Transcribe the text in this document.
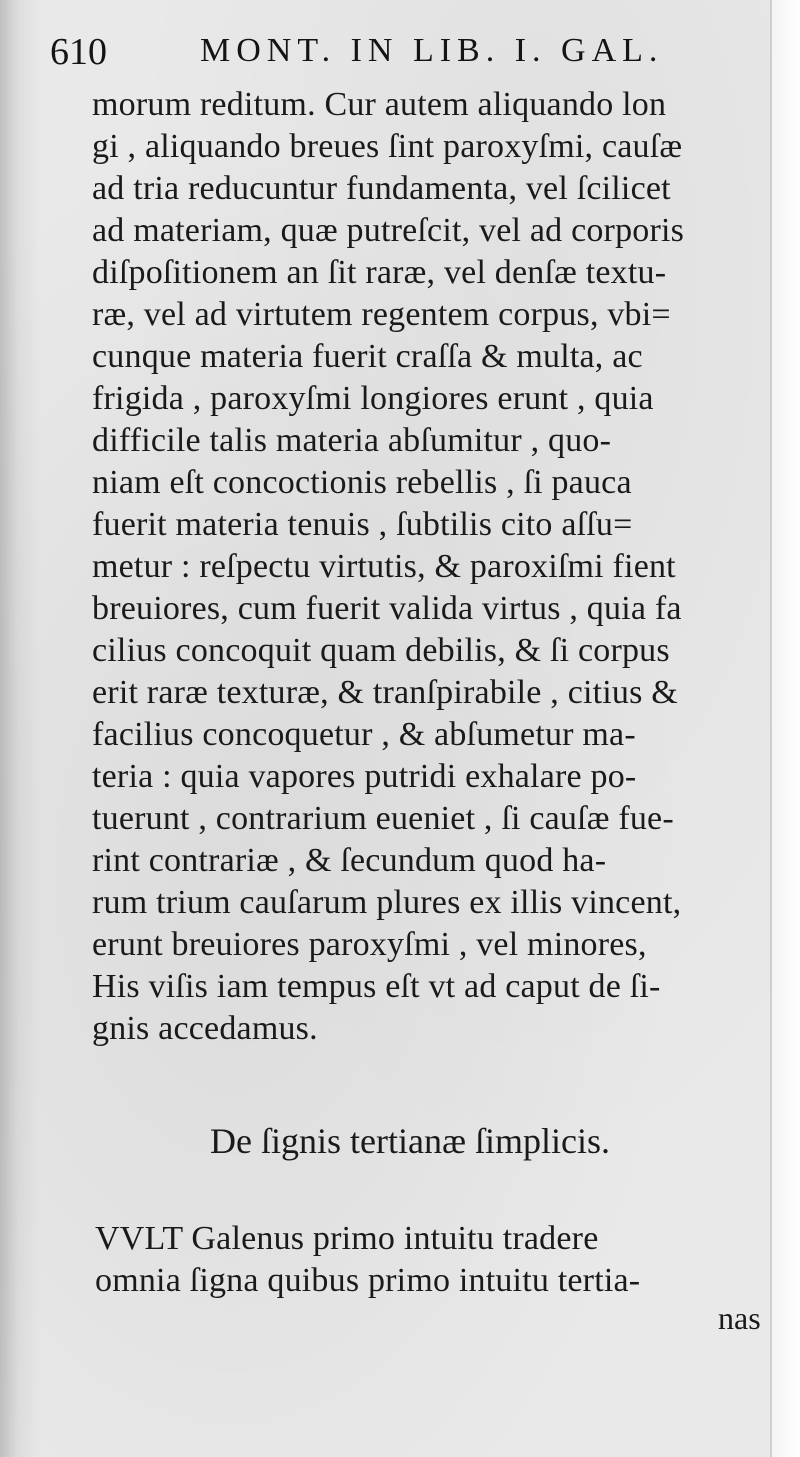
610	MONT. IN LIB. I. GAL.
morum reditum. Cur autem aliquando lon
gi , aliquando breues ſint paroxyſmi, cauſæ
ad tria reducuntur fundamenta, vel ſcilicet
ad materiam, quæ putreſcit, vel ad corporis
diſpoſitionem an ſit raræ, vel denſæ textu-
ræ, vel ad virtutem regentem corpus, vbi=
cunque materia fuerit craſſa & multa, ac
frigida , paroxyſmi longiores erunt , quia
difficile talis materia abſumitur , quo-
niam eſt concoctionis rebellis , ſi pauca
fuerit materia tenuis , ſubtilis cito aſſu=
metur : reſpectu virtutis, & paroxiſmi fient
breuiores, cum fuerit valida virtus , quia fa
cilius concoquit quam debilis, & ſi corpus
erit raræ texturæ, & tranſpirabile , citius &
facilius concoquetur , & abſumetur ma-
teria : quia vapores putridi exhalare po-
tuerunt , contrarium eueniet , ſi cauſæ fue-
rint contrariæ , & ſecundum quod ha-
rum trium cauſarum plures ex illis vincent,
erunt breuiores paroxyſmi , vel minores,
His viſis iam tempus eſt vt ad caput de ſi-
gnis accedamus.
De ſignis tertianæ ſimplicis.
VVLT Galenus primo intuitu tradere
omnia ſigna quibus primo intuitu tertia-
nas
